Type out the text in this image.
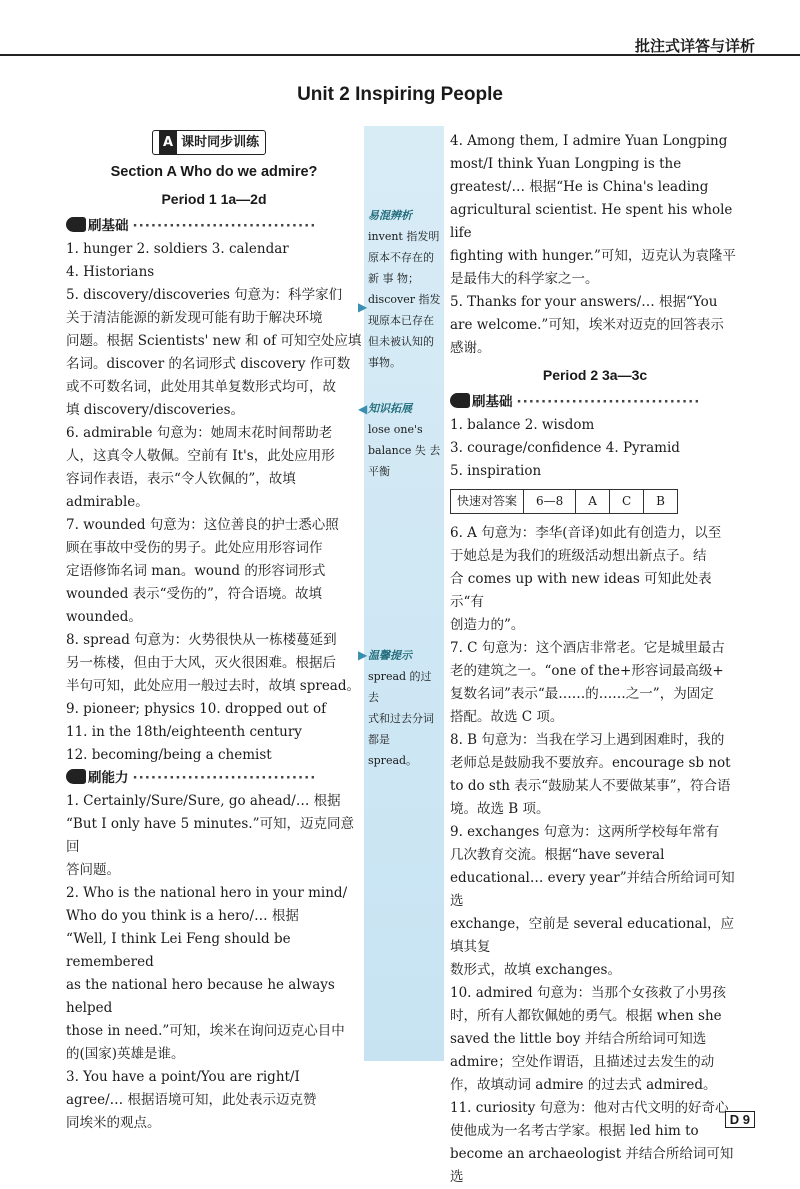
批注式详答与详析
Unit 2 Inspiring People
A 课时同步训练
Section A Who do we admire?
Period 1 1a—2d
刷基础 ······························

1. hunger 2. soldiers 3. calendar

4. Historians

5. discovery/discoveries 句意为：科学家们

关于清洁能源的新发现可能有助于解决环境

问题。根据 Scientists' new 和 of 可知空处应填

名词。discover 的名词形式 discovery 作可数

或不可数名词，此处用其单复数形式均可，故

填 discovery/discoveries。

6. admirable 句意为：她周末花时间帮助老

人，这真令人敬佩。空前有 It's，此处应用形

容词作表语，表示“令人钦佩的”，故填

admirable。

7. wounded 句意为：这位善良的护士悉心照

顾在事故中受伤的男子。此处应用形容词作

定语修饰名词 man。wound 的形容词形式

wounded 表示“受伤的”，符合语境。故填

wounded。

8. spread 句意为：火势很快从一栋楼蔓延到

另一栋楼，但由于大风，灭火很困难。根据后

半句可知，此处应用一般过去时，故填 spread。

9. pioneer; physics 10. dropped out of

11. in the 18th/eighteenth century

12. becoming/being a chemist

刷能力 ······························

1. Certainly/Sure/Sure, go ahead/… 根据

“But I only have 5 minutes.”可知，迈克同意回

答问题。

2. Who is the national hero in your mind/

Who do you think is a hero/… 根据

“Well, I think Lei Feng should be remembered

as the national hero because he always helped

those in need.”可知，埃米在询问迈克心目中

的(国家)英雄是谁。

3. You have a point/You are right/I

agree/… 根据语境可知，此处表示迈克赞

同埃米的观点。

易混辨析
invent 指发明
原本不存在的
新 事 物；
discover 指发
现原本已存在
但未被认知的
事物。
▶
知识拓展
lose one's
balance 失 去
平衡
◀
温馨提示
spread 的过去
式和过去分词
都是 spread。
▶

4. Among them, I admire Yuan Longping

most/I think Yuan Longping is the

greatest/… 根据“He is China's leading

agricultural scientist. He spent his whole life

fighting with hunger.”可知，迈克认为袁隆平

是最伟大的科学家之一。

5. Thanks for your answers/… 根据“You

are welcome.”可知，埃米对迈克的回答表示

感谢。

Period 2 3a—3c
刷基础 ······························

1. balance 2. wisdom

3. courage/confidence 4. Pyramid

5. inspiration

快速对答案	6—8	A	C	B

6. A 句意为：李华(音译)如此有创造力，以至

于她总是为我们的班级活动想出新点子。结

合 comes up with new ideas 可知此处表示“有

创造力的”。

7. C 句意为：这个酒店非常老。它是城里最古

老的建筑之一。“one of the+形容词最高级+

复数名词”表示“最……的……之一”，为固定

搭配。故选 C 项。

8. B 句意为：当我在学习上遇到困难时，我的

老师总是鼓励我不要放弃。encourage sb not

to do sth 表示“鼓励某人不要做某事”，符合语

境。故选 B 项。

9. exchanges 句意为：这两所学校每年常有

几次教育交流。根据“have several

educational… every year”并结合所给词可知选

exchange，空前是 several educational，应填其复

数形式，故填 exchanges。

10. admired 句意为：当那个女孩救了小男孩

时，所有人都钦佩她的勇气。根据 when she

saved the little boy 并结合所给词可知选

admire；空处作谓语，且描述过去发生的动

作，故填动词 admire 的过去式 admired。

11. curiosity 句意为：他对古代文明的好奇心

使他成为一名考古学家。根据 led him to

become an archaeologist 并结合所给词可知选

D 9
